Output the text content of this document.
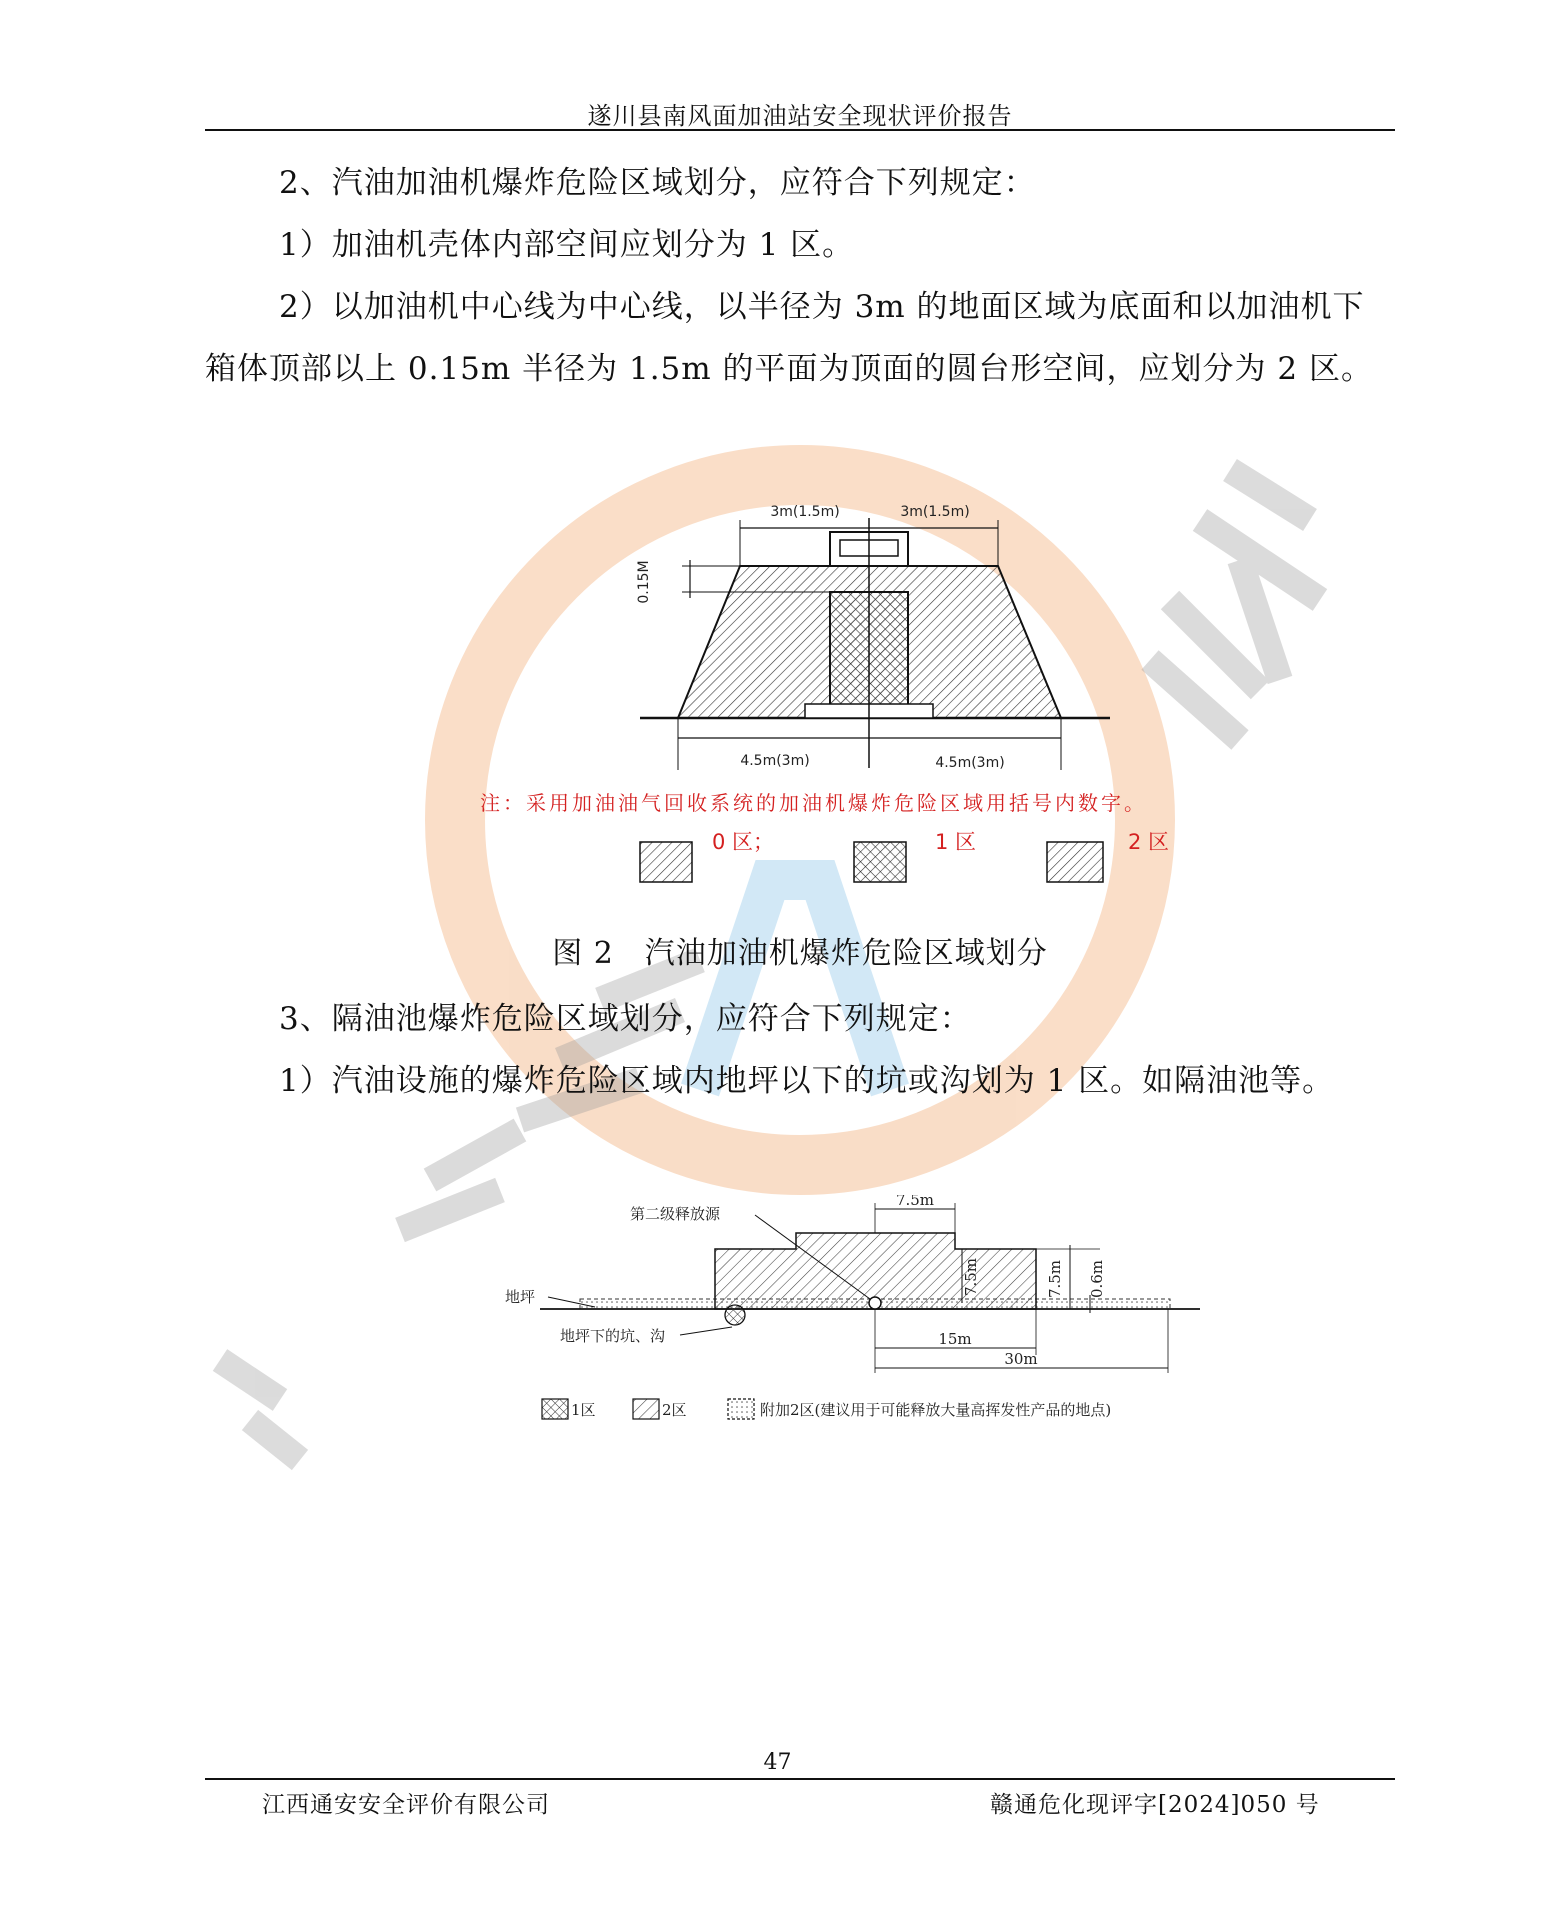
遂川县南风面加油站安全现状评价报告
2、汽油加油机爆炸危险区域划分，应符合下列规定：
1）加油机壳体内部空间应划分为 1 区。
2）以加油机中心线为中心线，以半径为 3m 的地面区域为底面和以加油机下箱体顶部以上 0.15m 半径为 1.5m 的平面为顶面的圆台形空间，应划分为 2 区。
3m(1.5m)	3m(1.5m)
0.15M
4.5m(3m)	4.5m(3m)
注：采用加油油气回收系统的加油机爆炸危险区域用括号内数字。
0 区；	1 区	2 区
图 2　汽油加油机爆炸危险区域划分
3、隔油池爆炸危险区域划分，应符合下列规定：
1）汽油设施的爆炸危险区域内地坪以下的坑或沟划为 1 区。如隔油池等。
第二级释放源
地坪
地坪下的坑、沟
7.5m
7.5m	7.5m 0.6m
15m
30m
1区	2区	附加2区(建议用于可能释放大量高挥发性产品的地点)
47
江西通安安全评价有限公司	赣通危化现评字[2024]050 号
